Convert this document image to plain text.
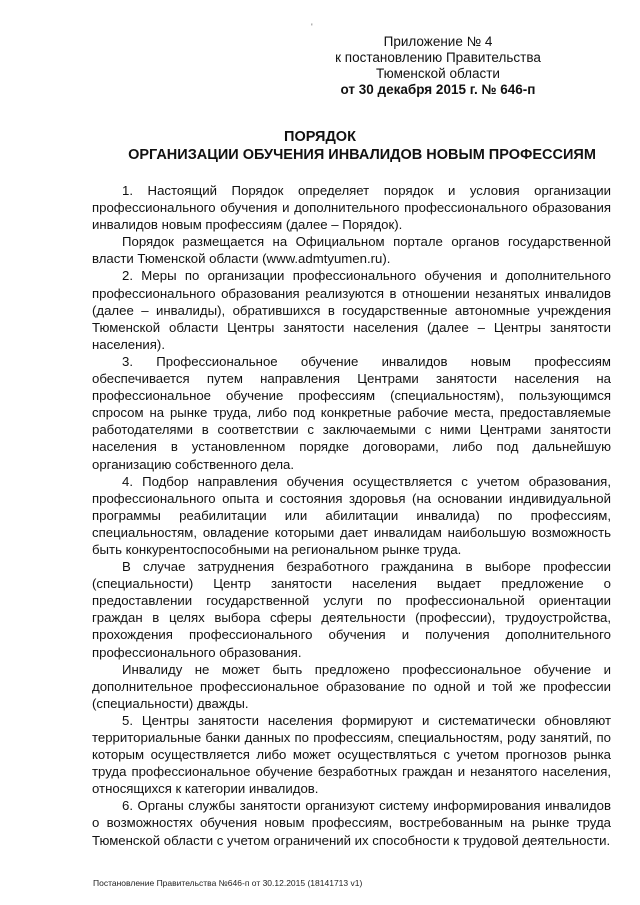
ʹ
Приложение № 4
к постановлению Правительства
Тюменской области
от 30 декабря 2015 г. № 646-п
ПОРЯДОК
ОРГАНИЗАЦИИ ОБУЧЕНИЯ ИНВАЛИДОВ НОВЫМ ПРОФЕССИЯМ

1. Настоящий Порядок определяет порядок и условия организации профессионального обучения и дополнительного профессионального образования инвалидов новым профессиям (далее – Порядок).

Порядок размещается на Официальном портале органов государственной власти Тюменской области (www.admtyumen.ru).

2. Меры по организации профессионального обучения и дополнительного профессионального образования реализуются в отношении незанятых инвалидов (далее – инвалиды), обратившихся в государственные автономные учреждения Тюменской области Центры занятости населения (далее – Центры занятости населения).

3. Профессиональное обучение инвалидов новым профессиям обеспечивается путем направления Центрами занятости населения на профессиональное обучение профессиям (специальностям), пользующимся спросом на рынке труда, либо под конкретные рабочие места, предоставляемые работодателями в соответствии с заключаемыми с ними Центрами занятости населения в установленном порядке договорами, либо под дальнейшую организацию собственного дела.

4. Подбор направления обучения осуществляется с учетом образования, профессионального опыта и состояния здоровья (на основании индивидуальной программы реабилитации или абилитации инвалида) по профессиям, специальностям, овладение которыми дает инвалидам наибольшую возможность быть конкурентоспособными на региональном рынке труда.

В случае затруднения безработного гражданина в выборе профессии (специальности) Центр занятости населения выдает предложение о предоставлении государственной услуги по профессиональной ориентации граждан в целях выбора сферы деятельности (профессии), трудоустройства, прохождения профессионального обучения и получения дополнительного профессионального образования.

Инвалиду не может быть предложено профессиональное обучение и дополнительное профессиональное образование по одной и той же профессии (специальности) дважды.

5. Центры занятости населения формируют и систематически обновляют территориальные банки данных по профессиям, специальностям, роду занятий, по которым осуществляется либо может осуществляться с учетом прогнозов рынка труда профессиональное обучение безработных граждан и незанятого населения, относящихся к категории инвалидов.

6. Органы службы занятости организуют систему информирования инвалидов о возможностях обучения новым профессиям, востребованным на рынке труда Тюменской области с учетом ограничений их способности к трудовой деятельности.

Постановление Правительства №646-п от 30.12.2015 (18141713 v1)
